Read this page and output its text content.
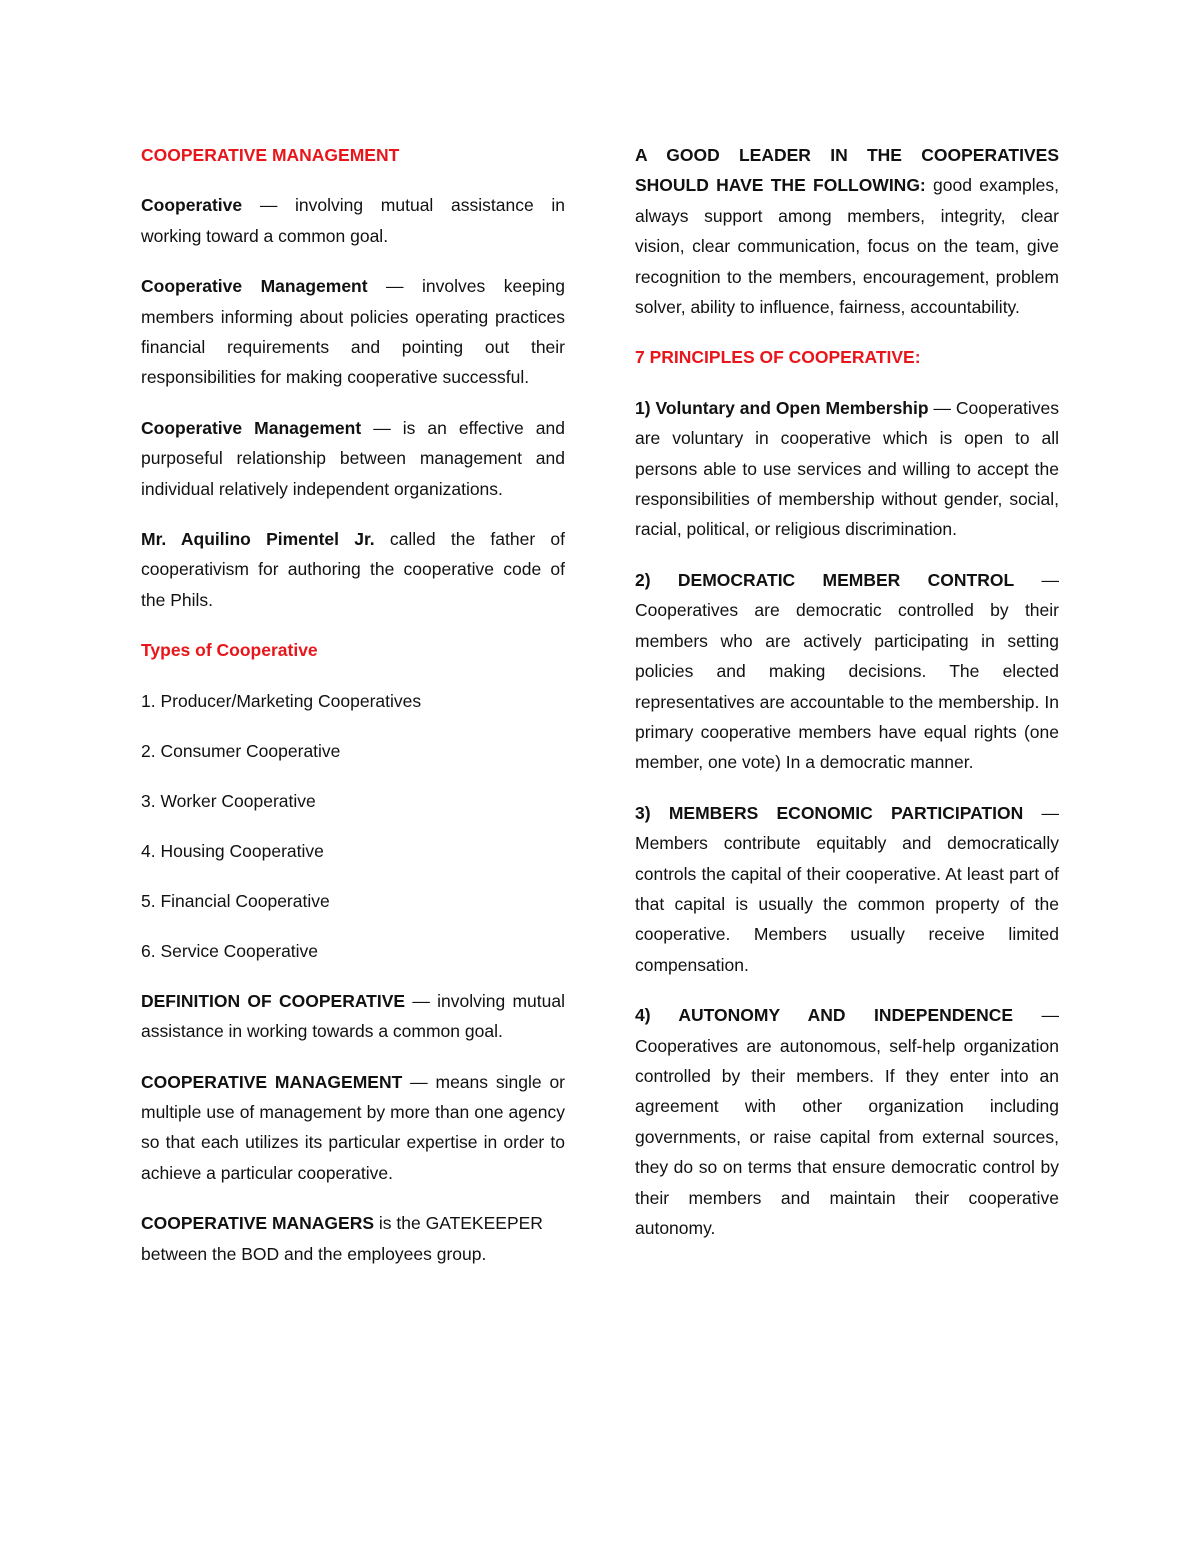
COOPERATIVE MANAGEMENT

Cooperative — involving mutual assistance in working toward a common goal.

Cooperative Management — involves keeping members informing about policies operating practices financial requirements and pointing out their responsibilities for making cooperative successful.

Cooperative Management — is an effective and purposeful relationship between management and individual relatively independent organizations.

Mr. Aquilino Pimentel Jr. called the father of cooperativism for authoring the cooperative code of the Phils.

Types of Cooperative

1. Producer/Marketing Cooperatives

2. Consumer Cooperative

3. Worker Cooperative

4. Housing Cooperative

5. Financial Cooperative

6. Service Cooperative

DEFINITION OF COOPERATIVE — involving mutual assistance in working towards a common goal.

COOPERATIVE MANAGEMENT — means single or multiple use of management by more than one agency so that each utilizes its particular expertise in order to achieve a particular cooperative.

COOPERATIVE MANAGERS is the GATEKEEPER between the BOD and the employees group.

A GOOD LEADER IN THE COOPERATIVES SHOULD HAVE THE FOLLOWING: good examples, always support among members, integrity, clear vision, clear communication, focus on the team, give recognition to the members, encouragement, problem solver, ability to influence, fairness, accountability.

7 PRINCIPLES OF COOPERATIVE:

1) Voluntary and Open Membership — Cooperatives are voluntary in cooperative which is open to all persons able to use services and willing to accept the responsibilities of membership without gender, social, racial, political, or religious discrimination.

2) DEMOCRATIC MEMBER CONTROL — Cooperatives are democratic controlled by their members who are actively participating in setting policies and making decisions. The elected representatives are accountable to the membership. In primary cooperative members have equal rights (one member, one vote) In a democratic manner.

3) MEMBERS ECONOMIC PARTICIPATION — Members contribute equitably and democratically controls the capital of their cooperative. At least part of that capital is usually the common property of the cooperative. Members usually receive limited compensation.

4) AUTONOMY AND INDEPENDENCE — Cooperatives are autonomous, self-help organization controlled by their members. If they enter into an agreement with other organization including governments, or raise capital from external sources, they do so on terms that ensure democratic control by their members and maintain their cooperative autonomy.
